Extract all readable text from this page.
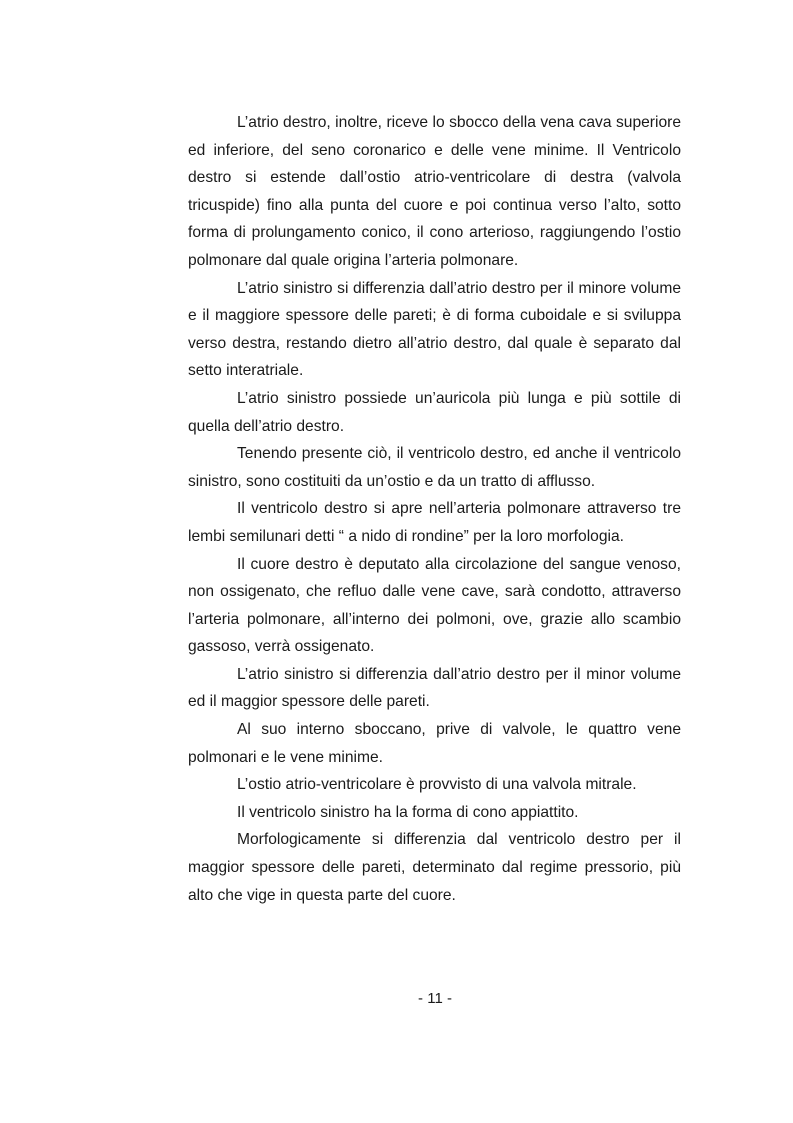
L’atrio destro, inoltre, riceve lo sbocco della vena cava superiore ed inferiore, del seno coronarico e delle vene minime. Il Ventricolo destro si estende dall’ostio atrio-ventricolare di destra (valvola tricuspide) fino alla punta del cuore e poi continua verso l’alto, sotto forma di prolungamento conico, il cono arterioso, raggiungendo l’ostio polmonare dal quale origina l’arteria polmonare.

L’atrio sinistro si differenzia dall’atrio destro per il minore volume e il maggiore spessore delle pareti; è di forma cuboidale e si sviluppa verso destra, restando dietro all’atrio destro, dal quale è separato dal setto interatriale.

L’atrio sinistro possiede un’auricola più lunga e più sottile di quella dell’atrio destro.

Tenendo presente ciò, il ventricolo destro, ed anche il ventricolo sinistro, sono costituiti da un’ostio e da un tratto di afflusso.

Il ventricolo destro si apre nell’arteria polmonare attraverso tre lembi semilunari detti “ a nido di rondine” per la loro morfologia.

Il cuore destro è deputato alla circolazione del sangue venoso, non ossigenato, che refluo dalle vene cave, sarà condotto, attraverso l’arteria polmonare, all’interno dei polmoni, ove, grazie allo scambio gassoso, verrà ossigenato.

L’atrio sinistro si differenzia dall’atrio destro per il minor volume ed il maggior spessore delle pareti.

Al suo interno sboccano, prive di valvole, le quattro vene polmonari e le vene minime.

L’ostio atrio-ventricolare è provvisto di una valvola mitrale.

Il ventricolo sinistro ha la forma di cono appiattito.

Morfologicamente si differenzia dal ventricolo destro per il maggior spessore delle pareti, determinato dal regime pressorio, più alto che vige in questa parte del cuore.

- 11 -
